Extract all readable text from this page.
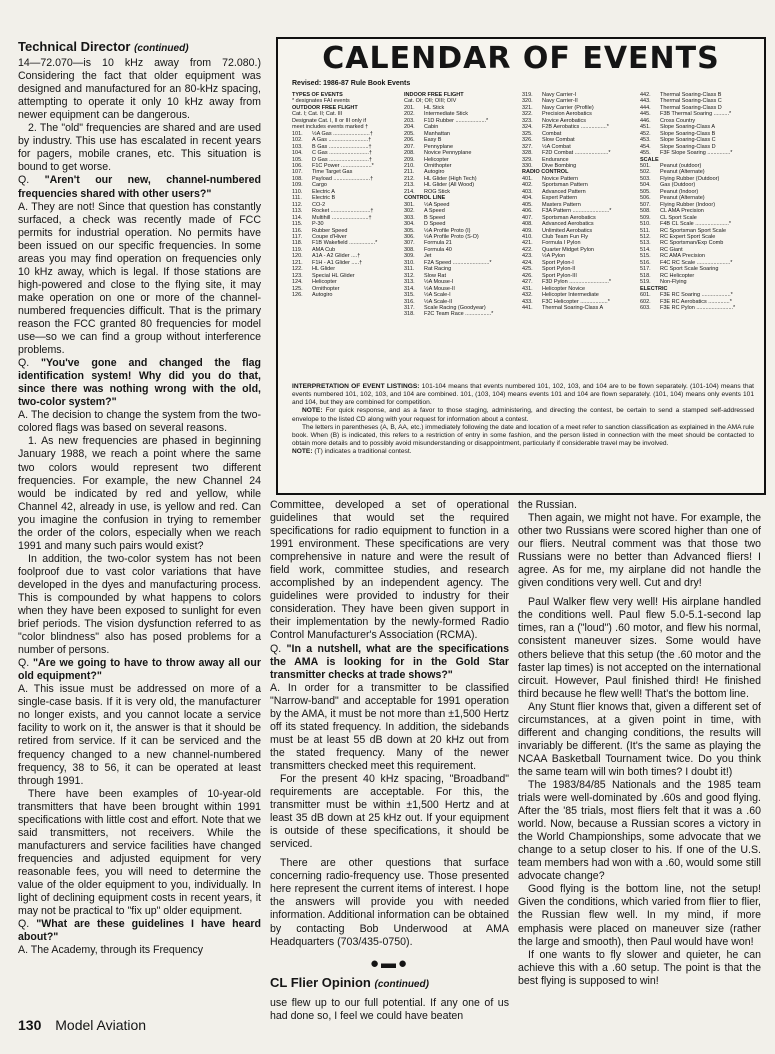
Technical Director (continued)

14—72.070—is 10 kHz away from 72.080.) Considering the fact that older equipment was designed and manufactured for an 80-kHz spacing, attempting to operate it only 10 kHz away from newer equipment can be dangerous.

2. The "old" frequencies are shared and are used by industry. This use has escalated in recent years for pagers, mobile cranes, etc. This situation is bound to get worse.

Q. "Aren't our new, channel-numbered frequencies shared with other users?"

A. They are not! Since that question has constantly surfaced, a check was recently made of FCC permits for industrial operation. No permits have been issued on our specific frequencies. In some areas you may find operation on frequencies only 10 kHz away, which is legal. If those stations are high-powered and close to the flying site, it may make operation on one or more of the channel-numbered frequencies difficult. That is the primary reason the FCC granted 80 frequencies for model use—so we can find a group without interference problems.

Q. "You've gone and changed the flag identification system! Why did you do that, since there was nothing wrong with the old, two-color system?"

A. The decision to change the system from the two-colored flags was based on several reasons.

1. As new frequencies are phased in beginning January 1988, we reach a point where the same two colors would represent two different frequencies. For example, the new Channel 24 would be indicated by red and yellow, while Channel 42, already in use, is yellow and red. Can you imagine the confusion in trying to remember the order of the colors, especially when we reach 1991 and many such pairs would exist?

In addition, the two-color system has not been foolproof due to vast color variations that have developed in the dyes and manufacturing process. This is compounded by what happens to colors when they have been exposed to sunlight for even brief periods. The vision dysfunction referred to as "color blindness" also has posed problems for a number of persons.

Q. "Are we going to have to throw away all our old equipment?"

A. This issue must be addressed on more of a single-case basis. If it is very old, the manufacturer no longer exists, and you cannot locate a service facility to work on it, the answer is that it should be retired from service. If it can be serviced and the frequency changed to a new channel-numbered frequency, 38 to 56, it can be operated at least through 1991.

There have been examples of 10-year-old transmitters that have been brought within 1991 specifications with little cost and effort. Note that we said transmitters, not receivers. While the manufacturers and service facilities have changed frequencies and adjusted equipment for very reasonable fees, you will need to determine the value of the older equipment to you, individually. In light of declining equipment costs in recent years, it may not be practical to "fix up" older equipment.

Q. "What are these guidelines I have heard about?"

A. The Academy, through its Frequency

CALENDAR OF EVENTS
Revised: 1986-87 Rule Book Events
TYPES OF EVENTS
* designates FAI events
OUTDOOR FREE FLIGHT
Cat. I; Cat. II; Cat. III
Designate Cat. I, II or III only if
meet includes events marked †
101. ½A Gas ........................†
102. A Gas ..........................†
103. B Gas ..........................†
104. C Gas ..........................†
105. D Gas ..........................†
106. F1C Power ....................*
107. Time Target Gas
108. Payload ........................†
109. Cargo
110. Electric A
111. Electric B
112. CO-2
113. Rocket ..........................†
114. Multihill ........................†
115. P-30
116. Rubber Speed
117. Coupe d'Hiver
118. F1B Wakefield .................*
119. AMA Cub
120. A1A - A2 Glider ....†
121. F1H - A1 Glider .....†
122. HL Glider
123. Special HL Glider
124. Helicopter
125. Ornithopter
126. Autogiro
INDOOR FREE FLIGHT
Cat. OI; OII; OIII; OIV
201. HL Stick
202. Intermediate Stick
203. F1D Rubber ....................*
204. Cabin
205. Manhattan
206. Easy B
207. Pennyplane
208. Novice Pennyplane
209. Helicopter
210. Ornithopter
211. Autogiro
212. HL Glider (High Tech)
213. HL Glider (All Wood)
214. ROG Stick
CONTROL LINE
301. ½A Speed
302. A Speed
303. B Speed
304. D Speed
305. ½A Profile Proto (I)
306. ½A Profile Proto (S-O)
307. Formula 21
308. Formula 40
309. Jet
310. F2A Speed ........................*
311. Rat Racing
312. Slow Rat
313. ½A Mouse-I
314. ½A Mouse-II
315. ½A Scale-I
316. ½A Scale-II
317. Scale Racing (Goodyear)
318. F2C Team Race .................*
319. Navy Carrier-I
320. Navy Carrier-II
321. Navy Carrier (Profile)
322. Precision Aerobatics
323. Novice Aerobatics
324. F2B Aerobatics .................*
325. Combat
326. Slow Combat
327. ½A Combat
328. F2D Combat ......................*
329. Endurance
330. Dive Bombing
RADIO CONTROL
401. Novice Pattern
402. Sportsman Pattern
403. Advanced Pattern
404. Expert Pattern
405. Masters Pattern
406. F3A Pattern ........................*
407. Sportsman Aerobatics
408. Advanced Aerobatics
409. Unlimited Aerobatics
410. Club Team Fun Fly
421. Formula I Pylon
422. Quarter Midget Pylon
423. ½A Pylon
424. Sport Pylon-I
425. Sport Pylon-II
426. Sport Pylon-III
427. F3D Pylon ..........................*
431. Helicopter Novice
432. Helicopter Intermediate
433. F3C Helicopter ..................*
441. Thermal Soaring-Class A
442. Thermal Soaring-Class B
443. Thermal Soaring-Class C
444. Thermal Soaring-Class D
445. F3B Thermal Soaring ..........*
446. Cross Country
451. Slope Soaring-Class A
452. Slope Soaring-Class B
453. Slope Soaring-Class C
454. Slope Soaring-Class D
455. F3F Slope Soaring ...............*
SCALE
501. Peanut (outdoor)
502. Peanut (Alternate)
503. Flying Rubber (Outdoor)
504. Gas (Outdoor)
505. Peanut (Indoor)
506. Peanut (Alternate)
507. Flying Rubber (Indoor)
508. CL AMA Precision
509. CL Sport Scale
510. F4B CL Scale ......................*
511. RC Sportsman Sport Scale
512. RC Expert Sport Scale
513. RC Sportsman/Exp Comb
514. RC Giant
515. RC AMA Precision
516. F4C RC Scale ......................*
517. RC Sport Scale Soaring
518. RC Helicopter
519. Non-Flying
ELECTRIC
601. F3E RC Soaring ...................*
602. F3E RC Aerobatics ..............*
603. F3E RC Pylon ........................*

INTERPRETATION OF EVENT LISTINGS: 101-104 means that events numbered 101, 102, 103, and 104 are to be flown separately. (101-104) means that events numbered 101, 102, 103, and 104 are combined. 101, (103, 104) means events 101 and 104 are flown separately. (101, 104) means only events 101 and 104, but they are combined for competition.

NOTE: For quick response, and as a favor to those staging, administering, and directing the contest, be certain to send a stamped self-addressed envelope to the listed CD along with your request for information about a contest.

The letters in parentheses (A, B, AA, etc.) immediately following the date and location of a meet refer to sanction classification as explained in the AMA rule book. When (B) is indicated, this refers to a restriction of entry in some fashion, and the person listed in connection with the meet should be contacted to obtain more details and to possibly avoid misunderstanding or disappointment, particularly if considerable travel may be involved.

NOTE: (T) indicates a traditional contest.

Committee, developed a set of operational guidelines that would set the required specifications for radio equipment to function in a 1991 environment. These specifications are very comprehensive in nature and were the result of field work, committee studies, and research accomplished by an independent agency. The guidelines were provided to industry for their consideration. They have been given support in their implementation by the newly-formed Radio Control Manufacturer's Association (RCMA).

Q. "In a nutshell, what are the specifications the AMA is looking for in the Gold Star transmitter checks at trade shows?"

A. In order for a transmitter to be classified "Narrow-band" and acceptable for 1991 operation by the AMA, it must be not more than ±1,500 Hertz off its stated frequency. In addition, the sidebands must be at least 55 dB down at 20 kHz out from the stated frequency. Many of the newer transmitters checked meet this requirement.

For the present 40 kHz spacing, "Broadband" requirements are acceptable. For this, the transmitter must be within ±1,500 Hertz and at least 35 dB down at 25 kHz out. If your equipment is outside of these specifications, it should be serviced.

There are other questions that surface concerning radio-frequency use. Those presented here represent the current items of interest. I hope the answers will provide you with needed information. Additional information can be obtained by contacting Bob Underwood at AMA Headquarters (703/435-0750).

●▬●
CL Flier Opinion (continued)

use flew up to our full potential. If any one of us had done so, I feel we could have beaten

the Russian.

Then again, we might not have. For example, the other two Russians were scored higher than one of our fliers. Neutral comment was that those two Russians were no better than Advanced fliers! I agree. As for me, my airplane did not handle the given conditions very well. Cut and dry!

Paul Walker flew very well! His airplane handled the conditions well. Paul flew 5.0-5.1-second lap times, ran a ("loud") .60 motor, and flew his normal, consistent maneuver sizes. Some would have others believe that this setup (the .60 motor and the faster lap times) is not accepted on the international circuit. However, Paul finished third! He finished third because he flew well! That's the bottom line.

Any Stunt flier knows that, given a different set of circumstances, at a given point in time, with different and changing conditions, the results will invariably be different. (It's the same as playing the NCAA Basketball Tournament twice. Do you think the same team will win both times? I doubt it!)

The 1983/84/85 Nationals and the 1985 team trials were well-dominated by .60s and good flying. After the '85 trials, most fliers felt that it was a .60 world. Now, because a Russian scores a victory in the World Championships, some advocate that we change to a setup closer to his. If one of the U.S. team members had won with a .60, would some still advocate change?

Good flying is the bottom line, not the setup! Given the conditions, which varied from flier to flier, the Russian flew well. In my mind, if more emphasis were placed on maneuver size (rather the large and smooth), then Paul would have won!

If one wants to fly slower and quieter, he can achieve this with a .60 setup. The point is that the best flying is supposed to win!

130 Model Aviation
